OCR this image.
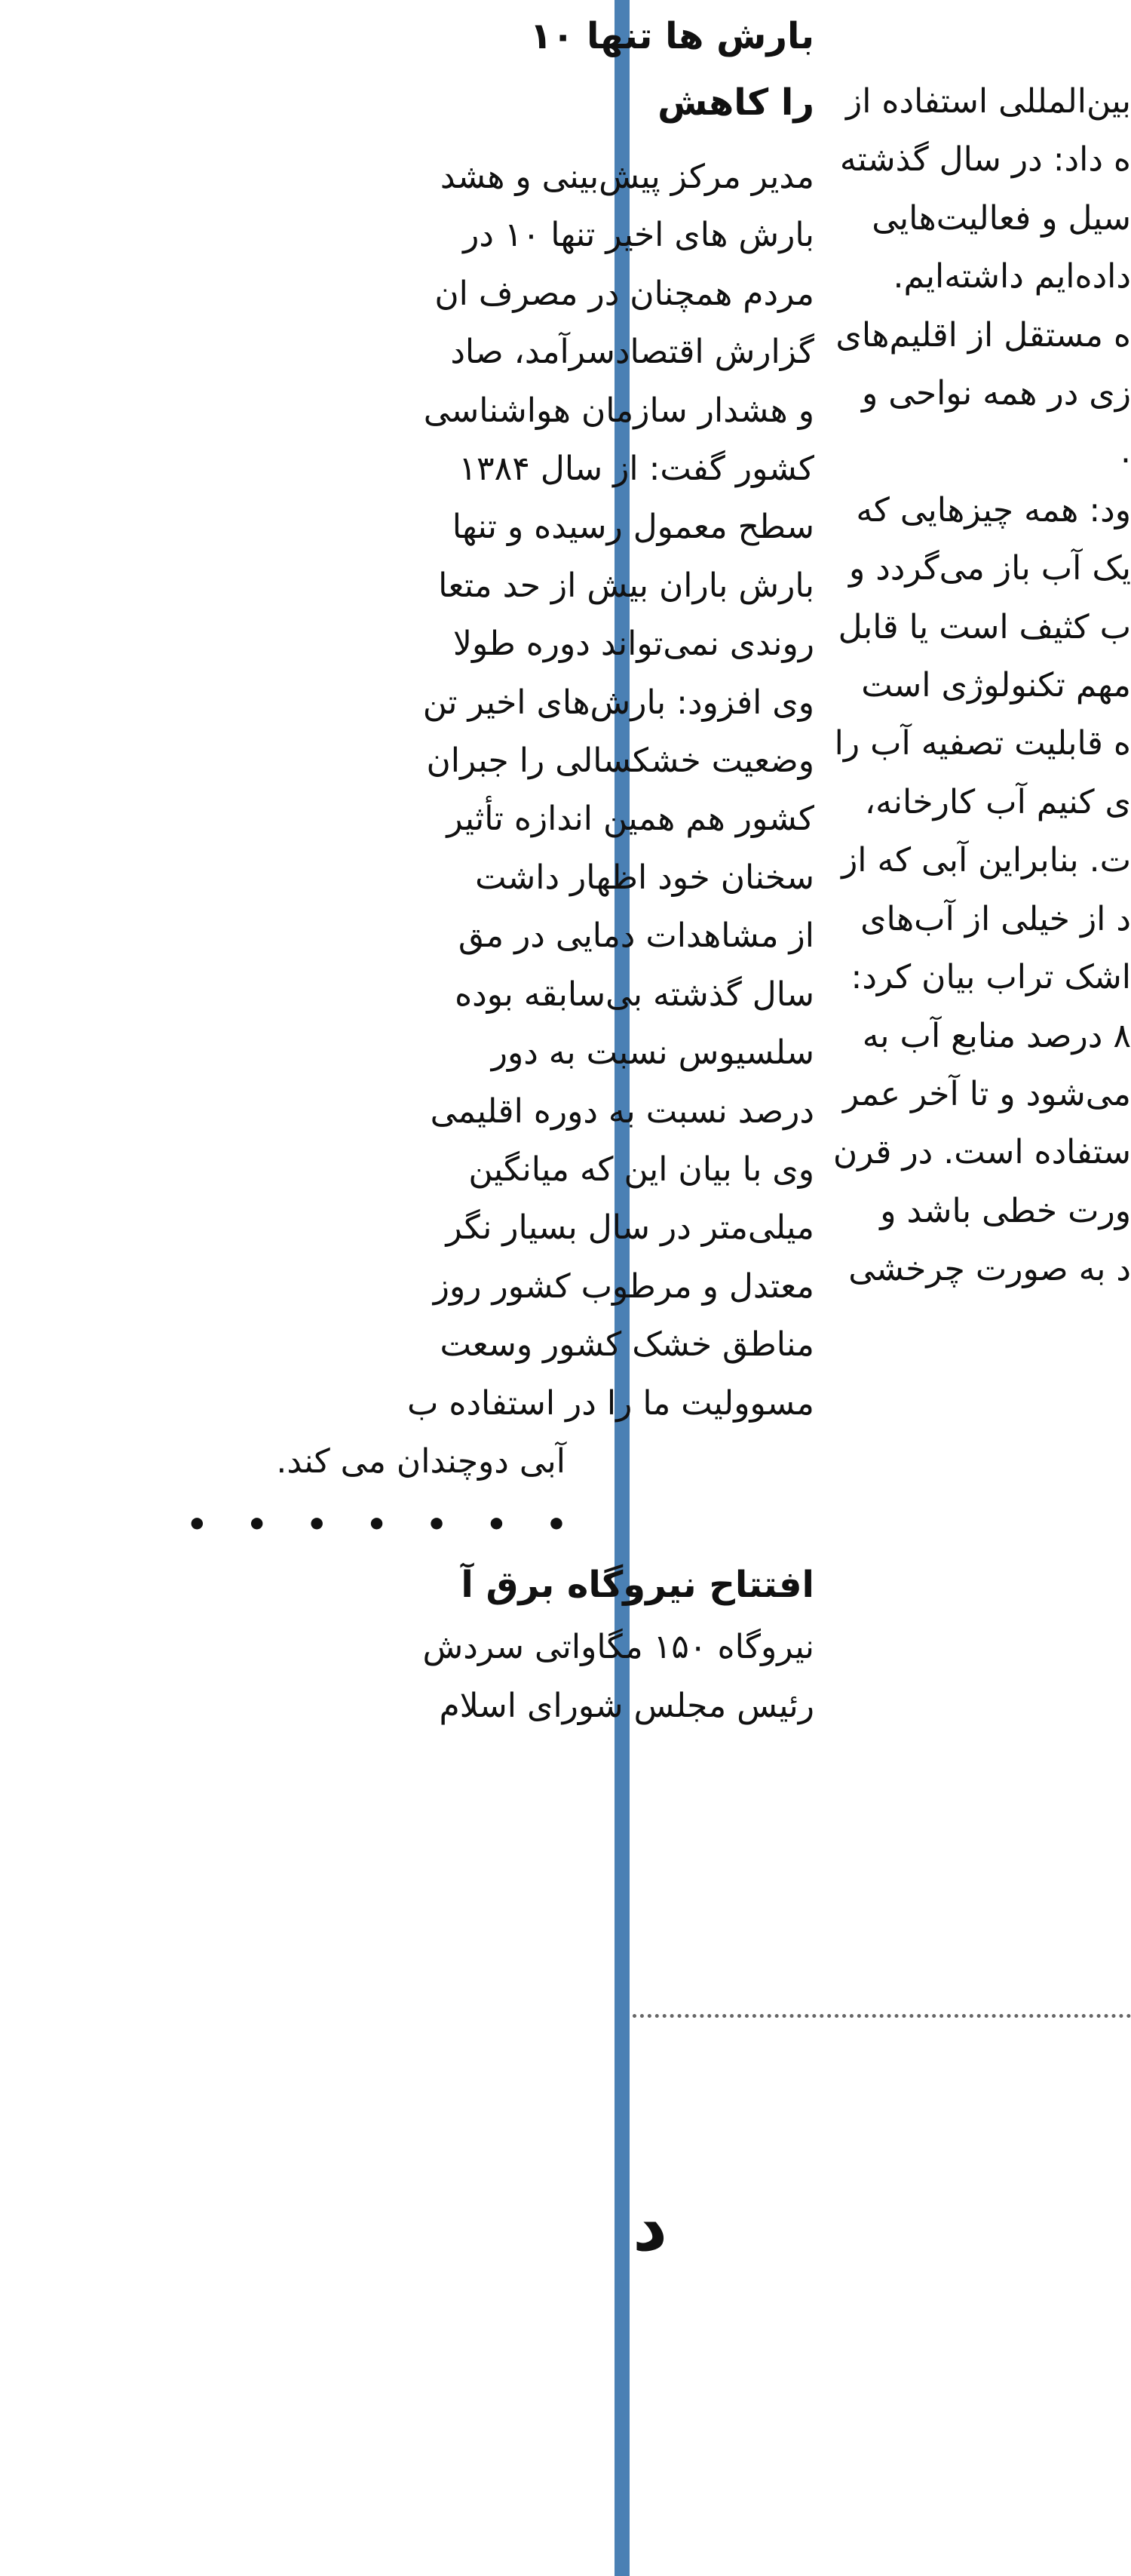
بارش ها تنها ۱۰

را کاهش

مدیر مرکز پیش‌بینی و هشد

بارش های اخیر تنها ۱۰ در

مردم همچنان در مصرف ان

گزارش اقتصادسرآمد، صاد

و هشدار سازمان هواشناسی

کشور گفت: از سال ۱۳۸۴

سطح معمول رسیده و تنها

بارش باران بیش از حد متعا

روندی نمی‌تواند دوره طولا

وی افزود: بارش‌های اخیر تن

وضعیت خشکسالی را جبران

کشور هم همین اندازه تأثیر

سخنان خود اظهار داشت

از مشاهدات دمایی در مق

سال گذشته بی‌سابقه بوده

سلسیوس نسبت به دور

درصد نسبت به دوره اقلیمی

وی با بیان این که میانگین

میلی‌متر در سال بسیار نگر

معتدل و مرطوب کشور روز

مناطق خشک کشور وسعت

مسوولیت ما را در استفاده ب

آبی دوچندان می کند.

• • • • • • •

افتتاح نیروگاه برق آ

نیروگاه ۱۵۰ مگاواتی سردش

رئیس مجلس شورای اسلام

بین‌المللی استفاده از

ه داد: در سال گذشته

سیل و فعالیت‌هایی

داده‌ایم داشته‌ایم.

ه مستقل از اقلیم‌های

زی در همه نواحی و

.

ود: همه چیزهایی که

یک آب باز می‌گردد و

ب کثیف است یا قابل

مهم تکنولوژی است

ه قابلیت تصفیه آب را

ی کنیم آب کارخانه،

ت. بنابراین آبی که از

د از خیلی از آب‌های

اشک تراب بیان کرد:

۸ درصد منابع آب به

می‌شود و تا آخر عمر

ستفاده است. در قرن

ورت خطی باشد و

د به صورت چرخشی

د
